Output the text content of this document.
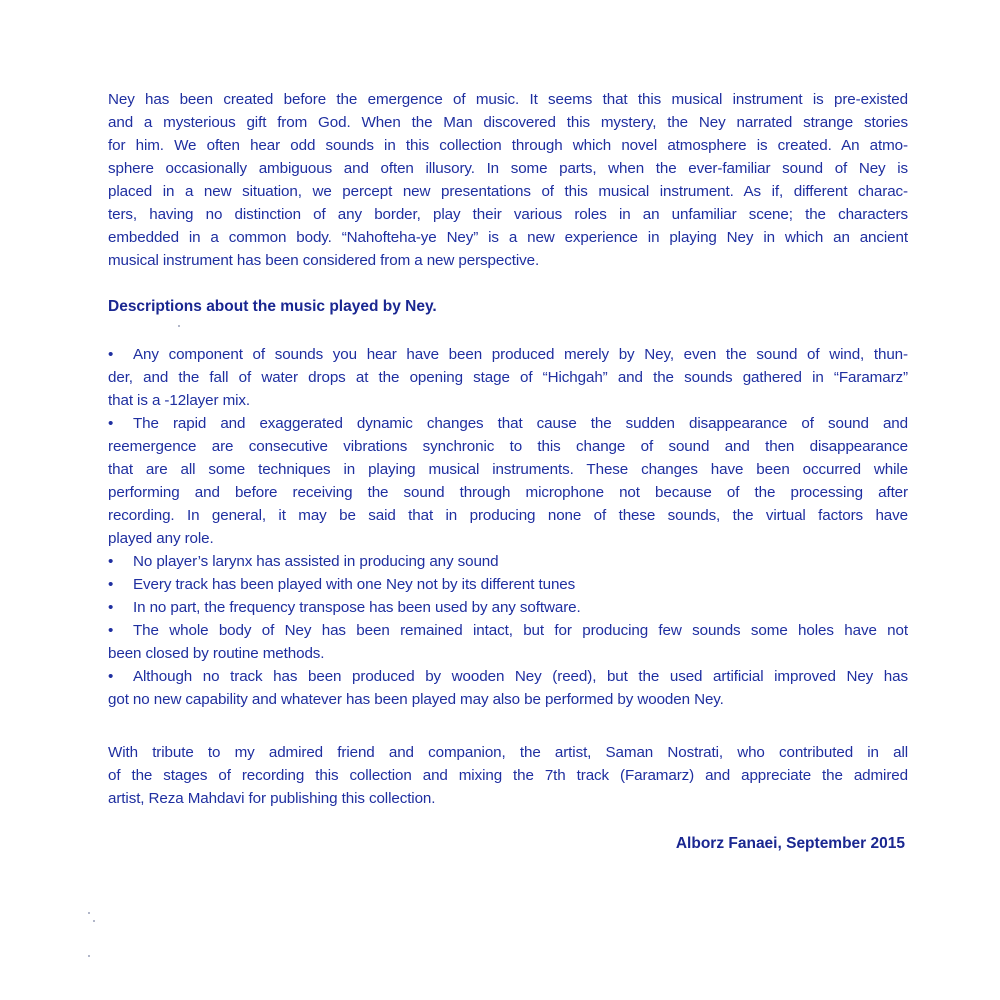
Ney has been created before the emergence of music. It seems that this musical instrument is pre-existed
and a mysterious gift from God. When the Man discovered this mystery, the Ney narrated strange stories
for him. We often hear odd sounds in this collection through which novel atmosphere is created. An atmo-
sphere occasionally ambiguous and often illusory. In some parts, when the ever-familiar sound of Ney is
placed in a new situation, we percept new presentations of this musical instrument. As if, different charac-
ters, having no distinction of any border, play their various roles in an unfamiliar scene; the characters
embedded in a common body. “Nahofteha-ye Ney” is a new experience in playing Ney in which an ancient
musical instrument has been considered from a new perspective.
Descriptions about the music played by Ney.
• Any component of sounds you hear have been produced merely by Ney, even the sound of wind, thun-
der, and the fall of water drops at the opening stage of “Hichgah” and the sounds gathered in “Faramarz”
that is a -12layer mix.
• The rapid and exaggerated dynamic changes that cause the sudden disappearance of sound and
reemergence are consecutive vibrations synchronic to this change of sound and then disappearance
that are all some techniques in playing musical instruments. These changes have been occurred while
performing and before receiving the sound through microphone not because of the processing after
recording. In general, it may be said that in producing none of these sounds, the virtual factors have
played any role.
• No player’s larynx has assisted in producing any sound
• Every track has been played with one Ney not by its different tunes
• In no part, the frequency transpose has been used by any software.
• The whole body of Ney has been remained intact, but for producing few sounds some holes have not
been closed by routine methods.
• Although no track has been produced by wooden Ney (reed), but the used artificial improved Ney has
got no new capability and whatever has been played may also be performed by wooden Ney.
With tribute to my admired friend and companion, the artist, Saman Nostrati, who contributed in all
of the stages of recording this collection and mixing the 7th track (Faramarz) and appreciate the admired
artist, Reza Mahdavi for publishing this collection.
Alborz Fanaei, September 2015
